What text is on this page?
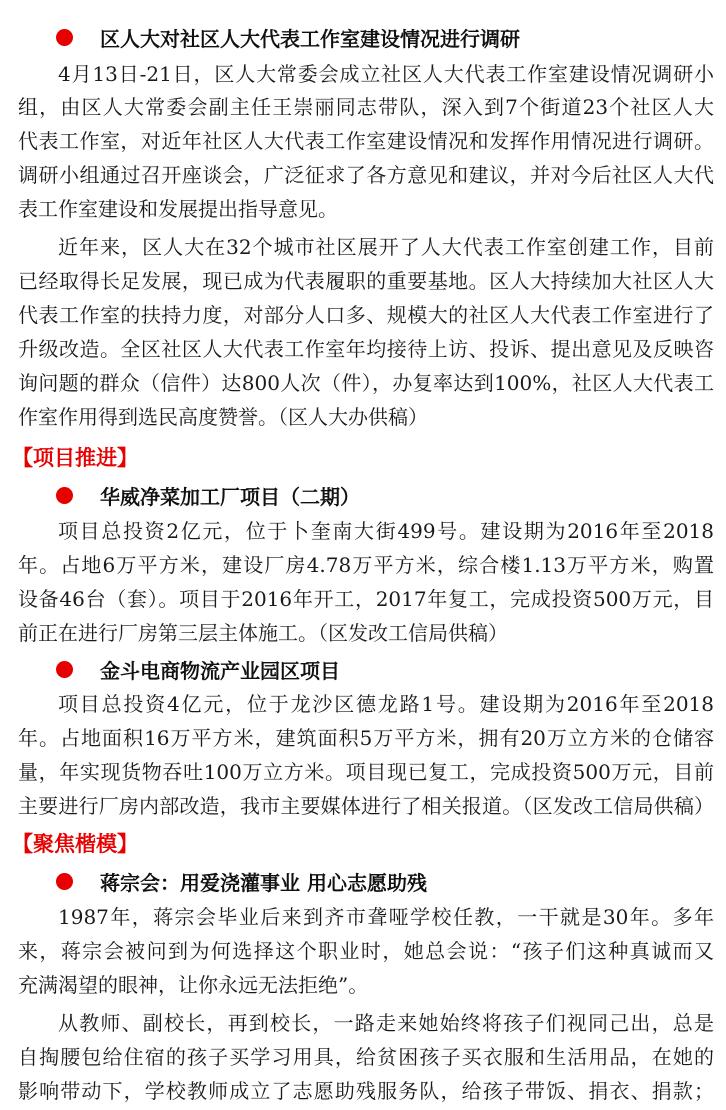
区人大对社区人大代表工作室建设情况进行调研
4月13日-21日，区人大常委会成立社区人大代表工作室建设情况调研小
组，由区人大常委会副主任王崇丽同志带队，深入到7个街道23个社区人大
代表工作室，对近年社区人大代表工作室建设情况和发挥作用情况进行调研。
调研小组通过召开座谈会，广泛征求了各方意见和建议，并对今后社区人大代
表工作室建设和发展提出指导意见。
近年来，区人大在32个城市社区展开了人大代表工作室创建工作，目前
已经取得长足发展，现已成为代表履职的重要基地。区人大持续加大社区人大
代表工作室的扶持力度，对部分人口多、规模大的社区人大代表工作室进行了
升级改造。全区社区人大代表工作室年均接待上访、投诉、提出意见及反映咨
询问题的群众（信件）达800人次（件），办复率达到100%，社区人大代表工
作室作用得到选民高度赞誉。（区人大办供稿）
【项目推进】
华威净菜加工厂项目（二期）
项目总投资2亿元，位于卜奎南大街499号。建设期为2016年至2018
年。占地6万平方米，建设厂房4.78万平方米，综合楼1.13万平方米，购置
设备46台（套）。项目于2016年开工，2017年复工，完成投资500万元，目
前正在进行厂房第三层主体施工。（区发改工信局供稿）
金斗电商物流产业园区项目
项目总投资4亿元，位于龙沙区德龙路1号。建设期为2016年至2018
年。占地面积16万平方米，建筑面积5万平方米，拥有20万立方米的仓储容
量，年实现货物吞吐100万立方米。项目现已复工，完成投资500万元，目前
主要进行厂房内部改造，我市主要媒体进行了相关报道。（区发改工信局供稿）
【聚焦楷模】
蒋宗会：用爱浇灌事业 用心志愿助残
1987年，蒋宗会毕业后来到齐市聋哑学校任教，一干就是30年。多年
来，蒋宗会被问到为何选择这个职业时，她总会说：“孩子们这种真诚而又
充满渴望的眼神，让你永远无法拒绝”。
从教师、副校长，再到校长，一路走来她始终将孩子们视同己出，总是
自掏腰包给住宿的孩子买学习用具，给贫困孩子买衣服和生活用品，在她的
影响带动下，学校教师成立了志愿助残服务队，给孩子带饭、捐衣、捐款；
